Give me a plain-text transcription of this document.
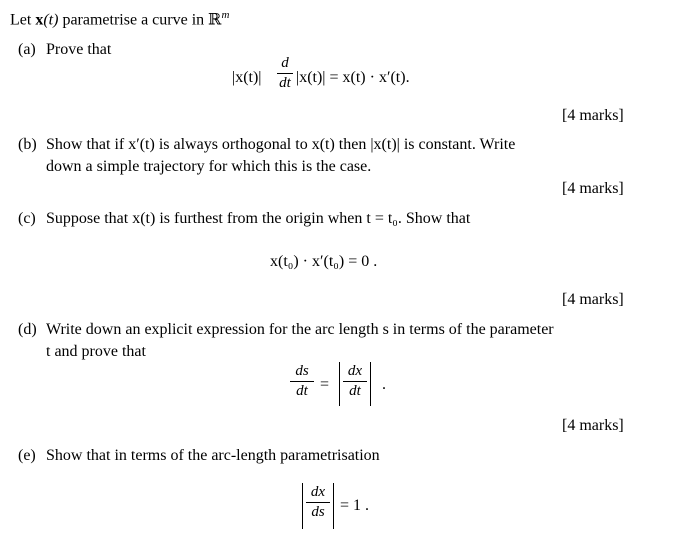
Let x(t) parametrise a curve in ℝ$^m$
(a) Prove that
|x(t)|
d
dt |x(t)| = x(t) · x′(t).
[4 marks]
(b) Show that if x′(t) is always orthogonal to x(t) then |x(t)| is constant. Write
down a simple trajectory for which this is the case.
[4 marks]
(c) Suppose that x(t) is furthest from the origin when t = t₀. Show that
x(t₀) · x′(t₀) = 0 .
[4 marks]
(d) Write down an explicit expression for the arc length s in terms of the parameter
t and prove that
ds
dt =
dx
dt	.
[4 marks]
(e) Show that in terms of the arc-length parametrisation
dx
ds = 1 .
